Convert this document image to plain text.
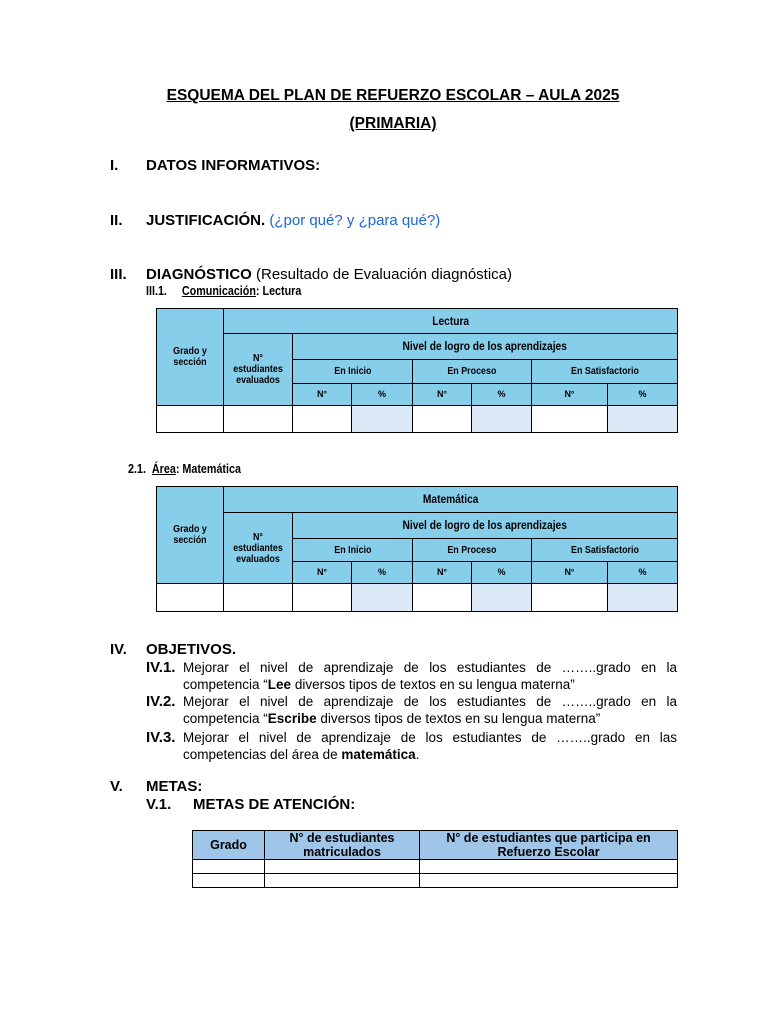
ESQUEMA DEL PLAN DE REFUERZO ESCOLAR – AULA 2025
(PRIMARIA)
I. DATOS INFORMATIVOS:
II. JUSTIFICACIÓN. (¿por qué? y ¿para qué?)
III. DIAGNÓSTICO (Resultado de Evaluación diagnóstica)
III.1. Comunicación: Lectura
Grado y sección	Lectura						
	N° estudiantes evaluados	Nivel de logro de los aprendizajes					
		En Inicio		En Proceso		En Satisfactorio	
		N°	%	N°	%	N°	%

2.1. Área: Matemática
Grado y sección	Matemática						
	N° estudiantes evaluados	Nivel de logro de los aprendizajes					
		En Inicio		En Proceso		En Satisfactorio	
		N°	%	N°	%	N°	%

IV. OBJETIVOS.
IV.1. Mejorar el nivel de aprendizaje de los estudiantes de ……..grado en la
competencia “Lee diversos tipos de textos en su lengua materna”
IV.2. Mejorar el nivel de aprendizaje de los estudiantes de ……..grado en la
competencia “Escribe diversos tipos de textos en su lengua materna”
IV.3. Mejorar el nivel de aprendizaje de los estudiantes de ……..grado en las
competencias del área de matemática.
V. METAS:
V.1. METAS DE ATENCIÓN:
Grado	N° de estudiantes matriculados	N° de estudiantes que participa en Refuerzo Escolar
